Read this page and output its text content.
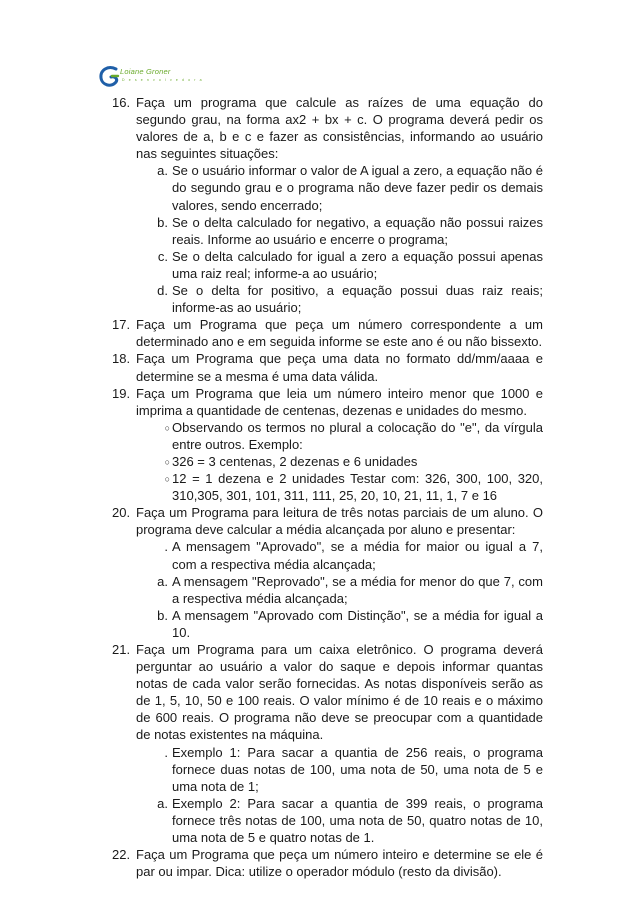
Loiane Groner
D e s e n v o l v e d o r a
16. Faça um programa que calcule as raízes de uma equação do segundo grau, na forma ax2 + bx + c. O programa deverá pedir os valores de a, b e c e fazer as consistências, informando ao usuário nas seguintes situações:

a. Se o usuário informar o valor de A igual a zero, a equação não é do segundo grau e o programa não deve fazer pedir os demais valores, sendo encerrado;

b. Se o delta calculado for negativo, a equação não possui raizes reais. Informe ao usuário e encerre o programa;

c. Se o delta calculado for igual a zero a equação possui apenas uma raiz real; informe-a ao usuário;

d. Se o delta for positivo, a equação possui duas raiz reais; informe-as ao usuário;

17. Faça um Programa que peça um número correspondente a um determinado ano e em seguida informe se este ano é ou não bissexto.

18. Faça um Programa que peça uma data no formato dd/mm/aaaa e determine se a mesma é uma data válida.

19. Faça um Programa que leia um número inteiro menor que 1000 e imprima a quantidade de centenas, dezenas e unidades do mesmo.

○ Observando os termos no plural a colocação do "e", da vírgula entre outros. Exemplo:

○ 326 = 3 centenas, 2 dezenas e 6 unidades

○ 12 = 1 dezena e 2 unidades Testar com: 326, 300, 100, 320, 310,305, 301, 101, 311, 111, 25, 20, 10, 21, 11, 1, 7 e 16

20. Faça um Programa para leitura de três notas parciais de um aluno. O programa deve calcular a média alcançada por aluno e presentar:

. A mensagem "Aprovado", se a média for maior ou igual a 7, com a respectiva média alcançada;

a. A mensagem "Reprovado", se a média for menor do que 7, com a respectiva média alcançada;

b. A mensagem "Aprovado com Distinção", se a média for igual a 10.

21. Faça um Programa para um caixa eletrônico. O programa deverá perguntar ao usuário a valor do saque e depois informar quantas notas de cada valor serão fornecidas. As notas disponíveis serão as de 1, 5, 10, 50 e 100 reais. O valor mínimo é de 10 reais e o máximo de 600 reais. O programa não deve se preocupar com a quantidade de notas existentes na máquina.

. Exemplo 1: Para sacar a quantia de 256 reais, o programa fornece duas notas de 100, uma nota de 50, uma nota de 5 e uma nota de 1;

a. Exemplo 2: Para sacar a quantia de 399 reais, o programa fornece três notas de 100, uma nota de 50, quatro notas de 10, uma nota de 5 e quatro notas de 1.

22. Faça um Programa que peça um número inteiro e determine se ele é par ou impar. Dica: utilize o operador módulo (resto da divisão).
